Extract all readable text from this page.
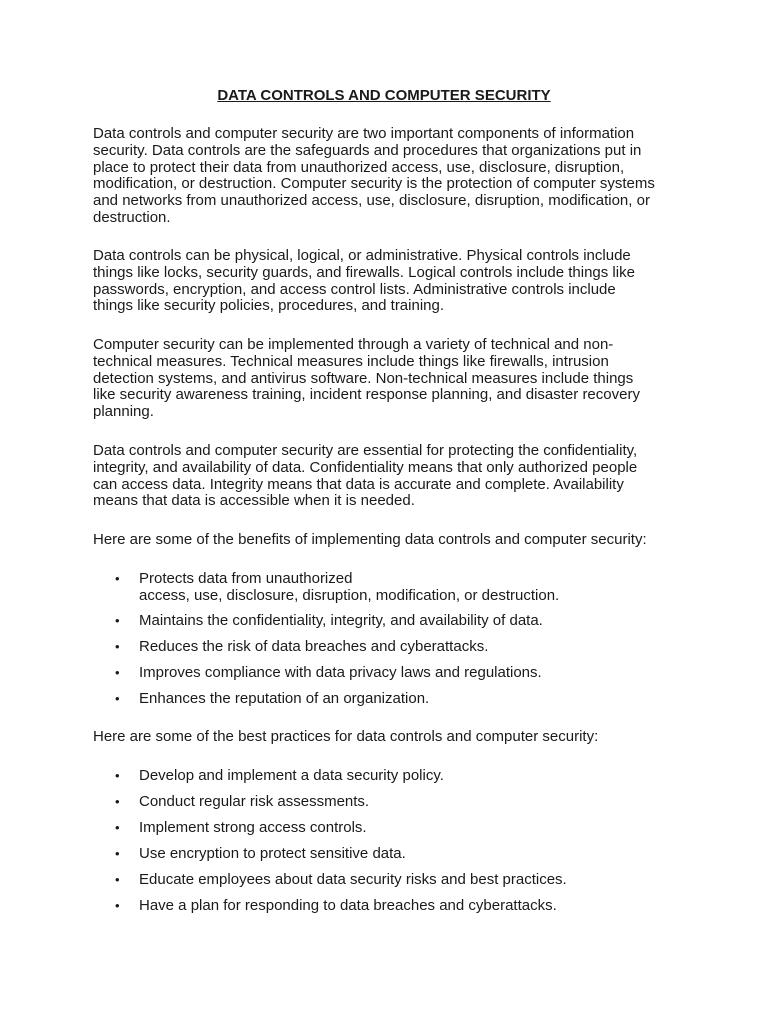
DATA CONTROLS AND COMPUTER SECURITY
Data controls and computer security are two important components of information
security. Data controls are the safeguards and procedures that organizations put in
place to protect their data from unauthorized access, use, disclosure, disruption,
modification, or destruction. Computer security is the protection of computer systems
and networks from unauthorized access, use, disclosure, disruption, modification, or
destruction.
Data controls can be physical, logical, or administrative. Physical controls include
things like locks, security guards, and firewalls. Logical controls include things like
passwords, encryption, and access control lists. Administrative controls include
things like security policies, procedures, and training.
Computer security can be implemented through a variety of technical and non-
technical measures. Technical measures include things like firewalls, intrusion
detection systems, and antivirus software. Non-technical measures include things
like security awareness training, incident response planning, and disaster recovery
planning.
Data controls and computer security are essential for protecting the confidentiality,
integrity, and availability of data. Confidentiality means that only authorized people
can access data. Integrity means that data is accurate and complete. Availability
means that data is accessible when it is needed.
Here are some of the benefits of implementing data controls and computer security:
• Protects data from unauthorized
access, use, disclosure, disruption, modification, or destruction.
• Maintains the confidentiality, integrity, and availability of data.
• Reduces the risk of data breaches and cyberattacks.
• Improves compliance with data privacy laws and regulations.
• Enhances the reputation of an organization.
Here are some of the best practices for data controls and computer security:
• Develop and implement a data security policy.
• Conduct regular risk assessments.
• Implement strong access controls.
• Use encryption to protect sensitive data.
• Educate employees about data security risks and best practices.
• Have a plan for responding to data breaches and cyberattacks.
